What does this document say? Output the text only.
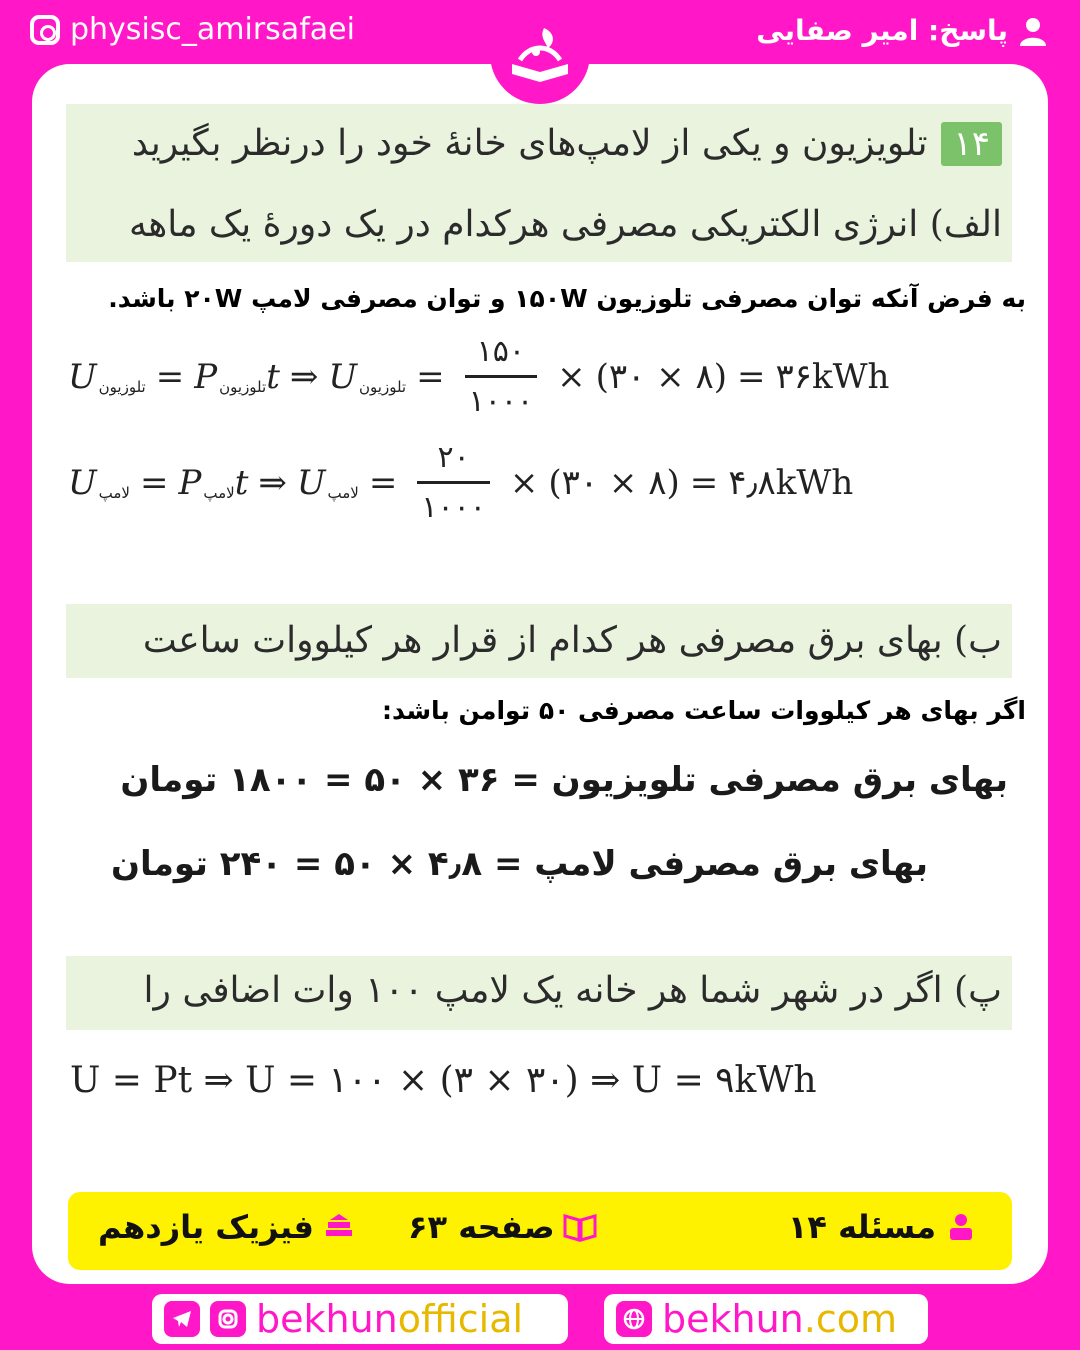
physisc_amirsafaei	پاسخ: امیر صفایی
۱۴تلویزیون و یکی از لامپ‌های خانهٔ خود را درنظر بگیرید
الف) انرژی الکتریکی مصرفی هرکدام در یک دورهٔ یک ماهه
به فرض آنکه توان مصرفی تلوزیون ۱۵۰W و توان مصرفی لامپ ۲۰W باشد.
U تلوزیون = P تلوزیون t ⇒ U تلوزیون = $\frac{۱۵۰}{۱۰۰۰}$ × (۳۰ × ۸) = ۳۶kWh
U لامپ = P لامپ t ⇒ U لامپ = $\frac{۲۰}{۱۰۰۰}$ × (۳۰ × ۸) = ۴٫۸kWh
ب) بهای برق مصرفی هر کدام از قرار هر کیلووات ساعت
اگر بهای هر کیلووات ساعت مصرفی ۵۰ توامن باشد:
بهای برق مصرفی تلویزیون = ۳۶ × ۵۰ = ۱۸۰۰ تومان
بهای برق مصرفی لامپ = ۴٫۸ × ۵۰ = ۲۴۰ تومان
پ) اگر در شهر شما هر خانه یک لامپ ۱۰۰ وات اضافی را
U = Pt ⇒ U = ۱۰۰ × (۳ × ۳۰) ⇒ U = ۹kWh
مسئله ۱۴
صفحه ۶۳
فیزیک یازدهم
bekhunofficial	bekhun.com
